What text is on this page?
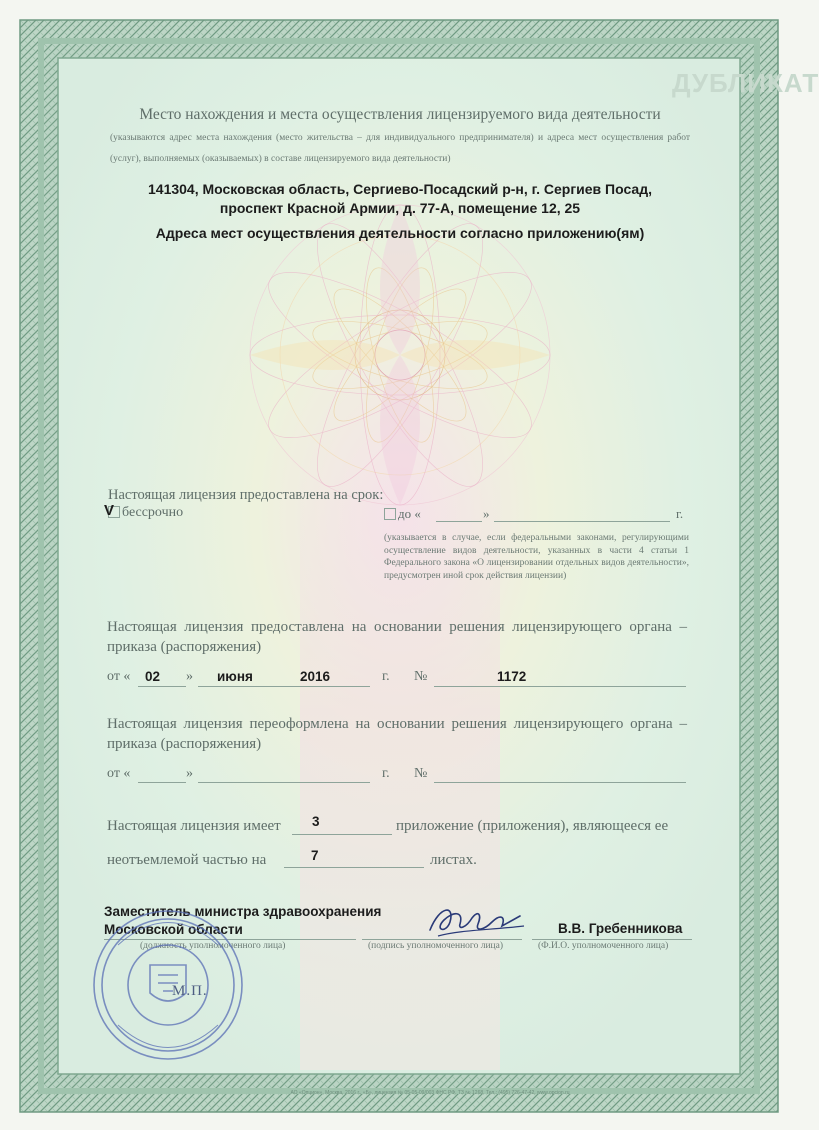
ДУБЛИКАТ
Место нахождения и места осуществления лицензируемого вида деятельности
(указываются адрес места нахождения (место жительства – для индивидуального предпринимателя) и адреса мест осуществления работ (услуг), выполняемых (оказываемых) в составе лицензируемого вида деятельности)
141304, Московская область, Сергиево-Посадский р-н, г. Сергиев Посад,
проспект Красной Армии, д. 77-А, помещение 12, 25
Адреса мест осуществления деятельности согласно приложению(ям)
Настоящая лицензия предоставлена на срок:
V бессрочно	до «	»	г.
(указывается в случае, если федеральными законами, регулирующими осуществление видов деятельности, указанных в части 4 статьи 1 Федерального закона «О лицензировании отдельных видов деятельности», предусмотрен иной срок действия лицензии)
Настоящая лицензия предоставлена на основании решения лицензирующего органа – приказа (распоряжения)
от « 02 » июня	2016	г. №	1172
Настоящая лицензия переоформлена на основании решения лицензирующего органа – приказа (распоряжения)
от «	»	г. №
Настоящая лицензия имеет 3	приложение (приложения), являющееся ее
неотъемлемой частью на	7	листах.
Заместитель министра здравоохранения
Московской области
(должность уполномоченного лица)	(подпись уполномоченного лица)
В.В. Гребенникова
(Ф.И.О. уполномоченного лица)
М.П.
АО «Опцион», Москва, 2016 г., «Б», лицензия № 05-05-09/003 ФНС РФ, ТЗ № 1268, Тел.: (495) 726-47-42, www.opcion.ru
